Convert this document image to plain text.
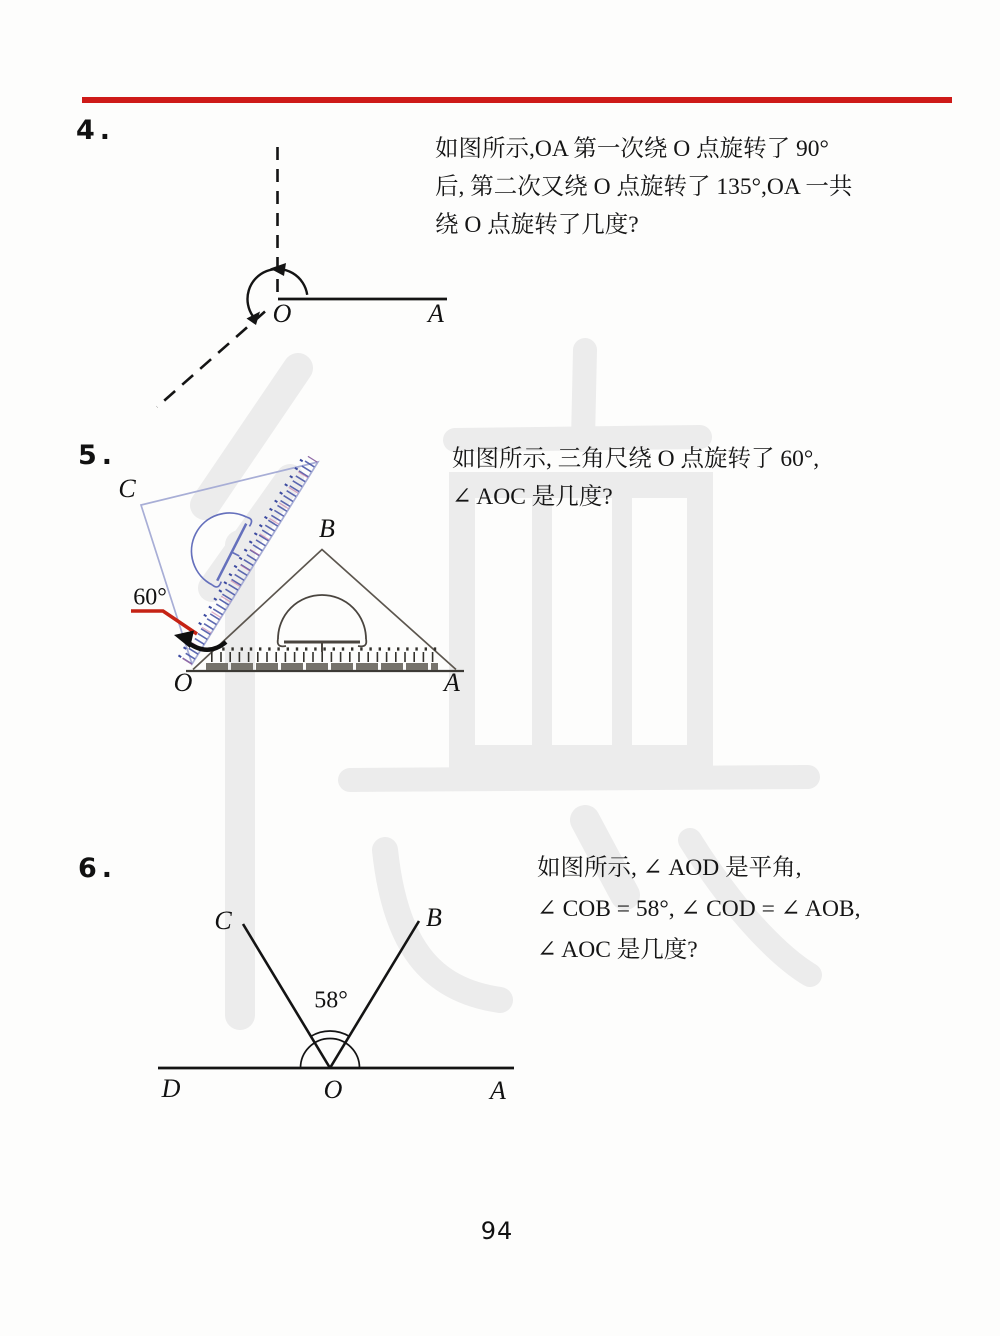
4.
如图所示,OA 第一次绕 O 点旋转了 90°
后, 第二次又绕 O 点旋转了 135°,OA 一共
绕 O 点旋转了几度?
O	A
5.	如图所示, 三角尺绕 O 点旋转了 60°,
∠ AOC 是几度?
C
B
60°
O	A
6.	如图所示, ∠ AOD 是平角,
∠ COB = 58°, ∠ COD = ∠ AOB,
∠ AOC 是几度?
C	B
58°
D	O	A
94
